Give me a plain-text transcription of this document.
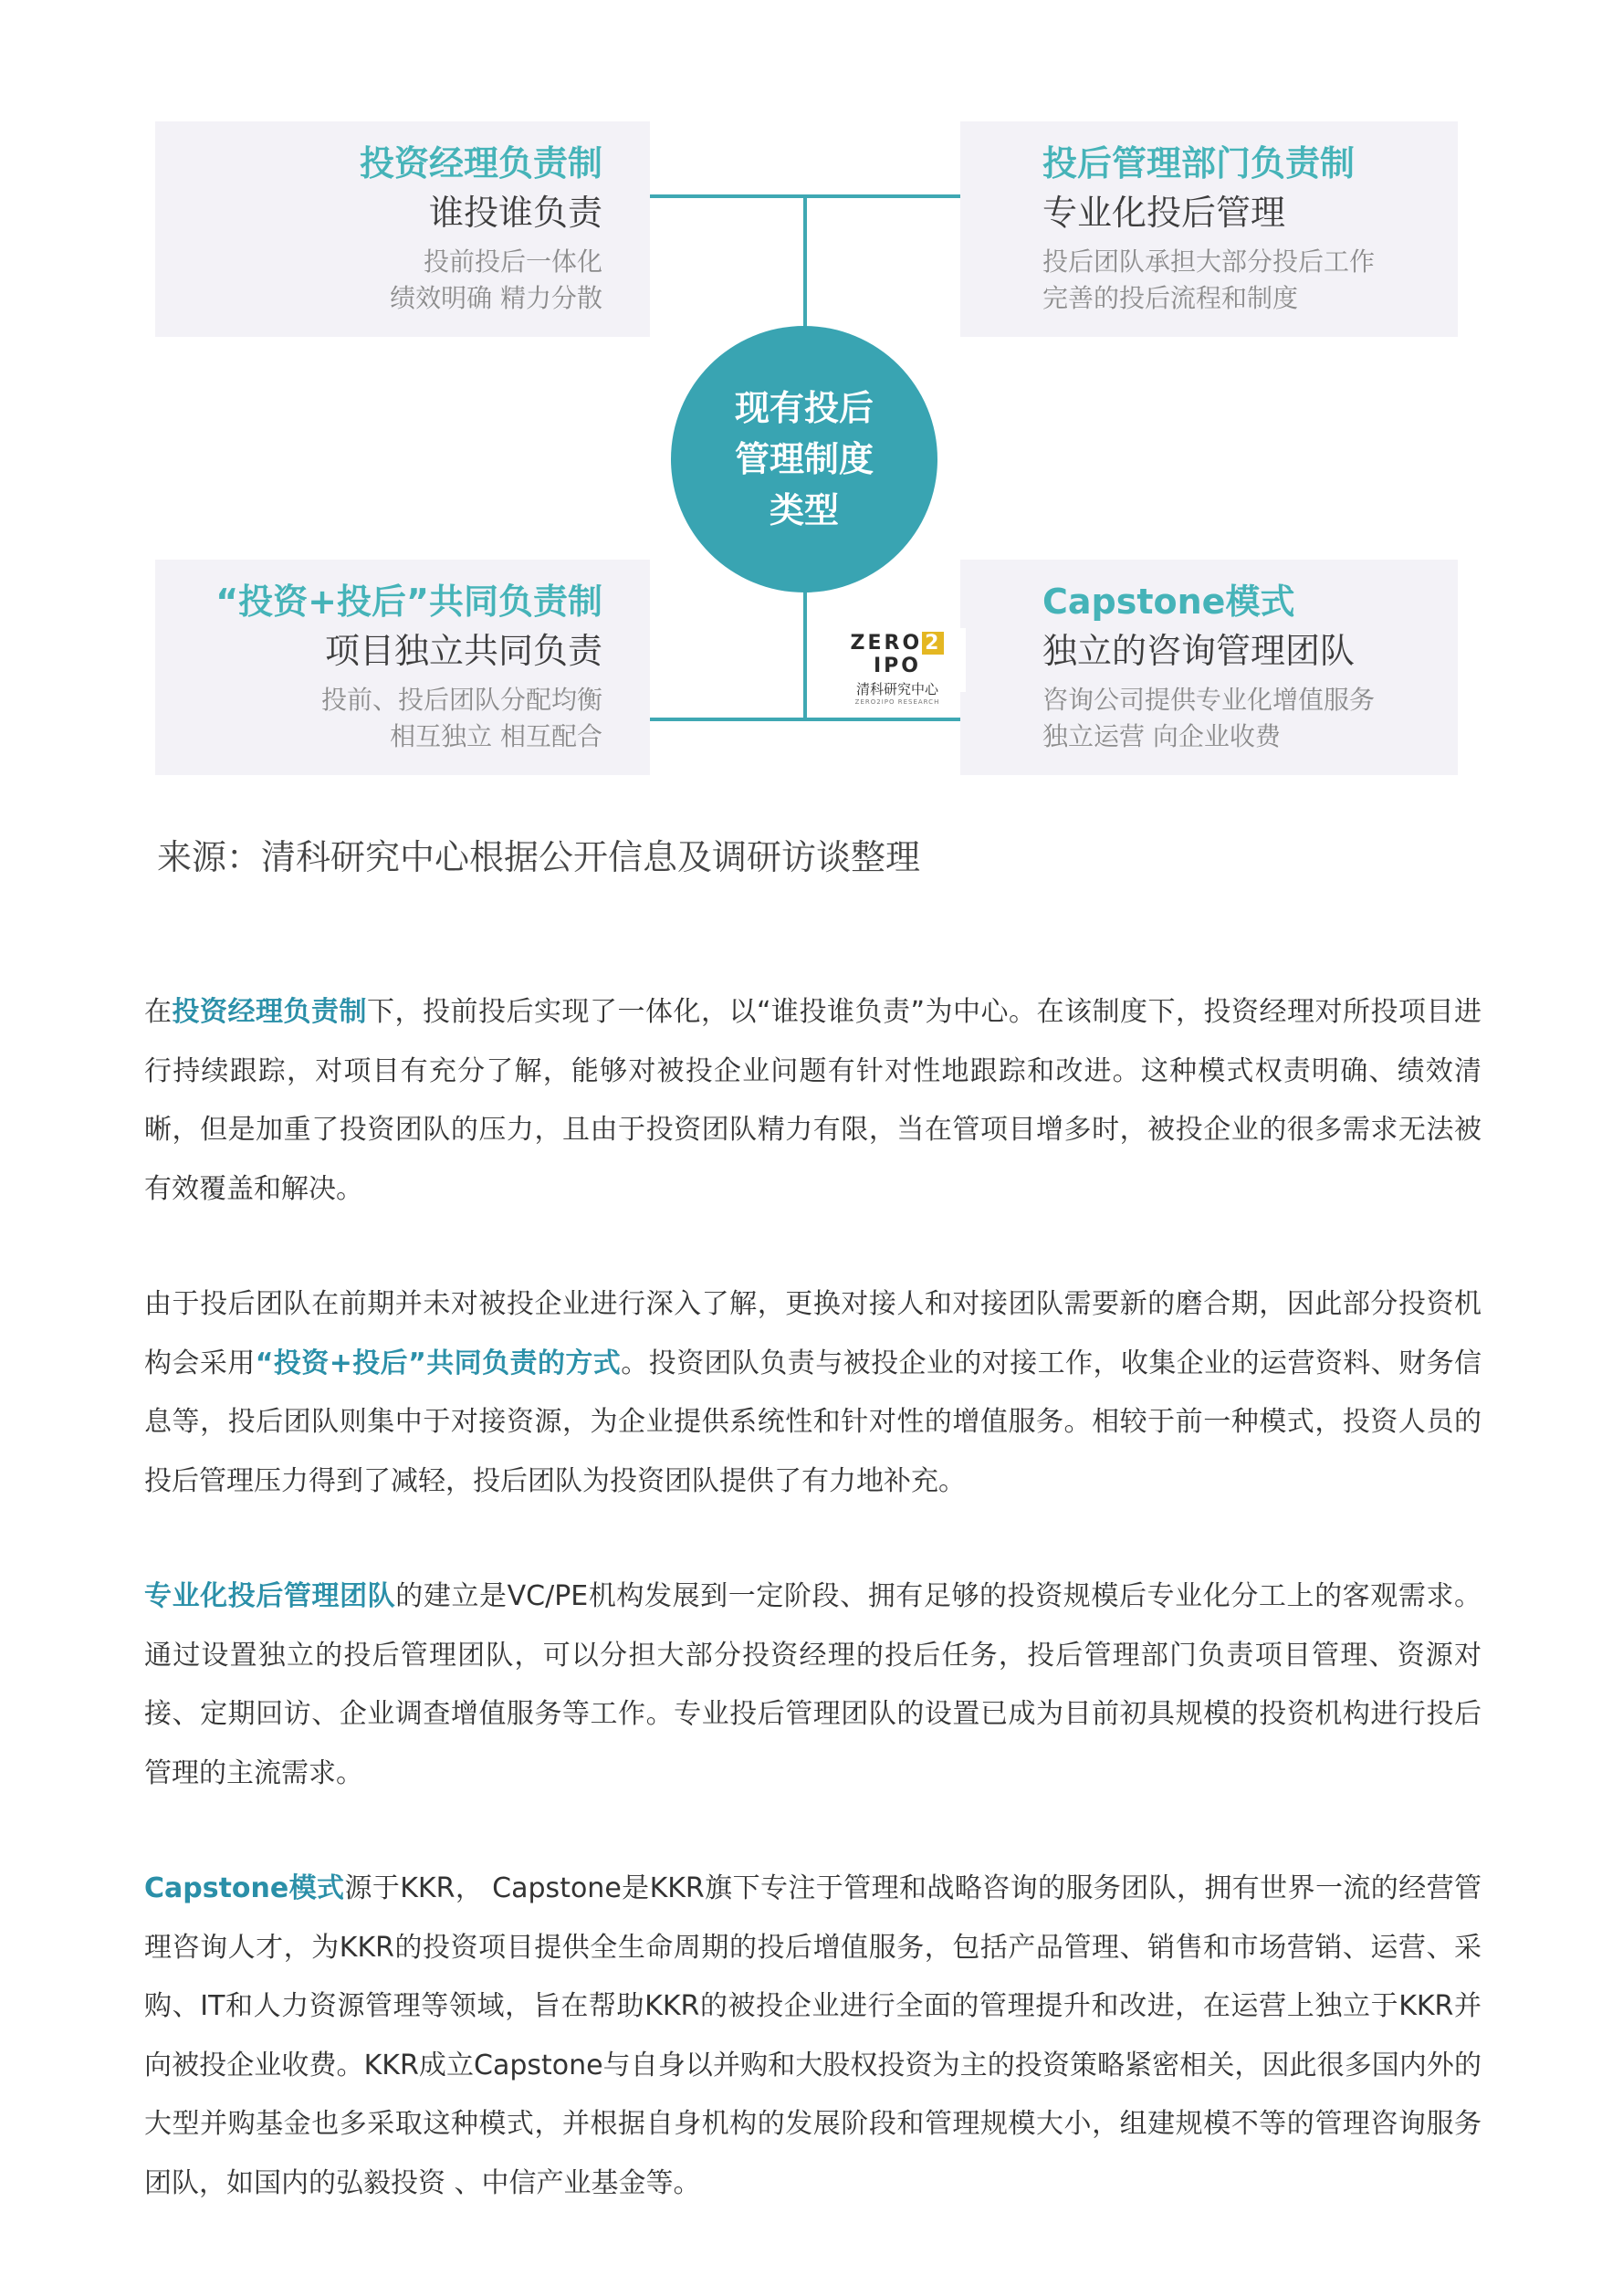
投资经理负责制
谁投谁负责
投前投后一体化
绩效明确 精力分散
投后管理部门负责制
专业化投后管理
投后团队承担大部分投后工作
完善的投后流程和制度
“投资+投后”共同负责制
项目独立共同负责
投前、投后团队分配均衡
相互独立 相互配合
Capstone模式
独立的咨询管理团队
咨询公司提供专业化增值服务
独立运营 向企业收费
现有投后
管理制度
类型
ZERO 2IPO
清科研究中心
ZERO2IPO RESEARCH
来源：清科研究中心根据公开信息及调研访谈整理

在投资经理负责制下，投前投后实现了一体化，以“谁投谁负责”为中心。在该制度下，投资经理对所投项目进行持续跟踪，对项目有充分了解，能够对被投企业问题有针对性地跟踪和改进。这种模式权责明确、绩效清晰，但是加重了投资团队的压力，且由于投资团队精力有限，当在管项目增多时，被投企业的很多需求无法被有效覆盖和解决。

由于投后团队在前期并未对被投企业进行深入了解，更换对接人和对接团队需要新的磨合期，因此部分投资机构会采用“投资+投后”共同负责的方式。投资团队负责与被投企业的对接工作，收集企业的运营资料、财务信息等，投后团队则集中于对接资源，为企业提供系统性和针对性的增值服务。相较于前一种模式，投资人员的投后管理压力得到了减轻，投后团队为投资团队提供了有力地补充。

专业化投后管理团队的建立是VC/PE机构发展到一定阶段、拥有足够的投资规模后专业化分工上的客观需求。通过设置独立的投后管理团队，可以分担大部分投资经理的投后任务，投后管理部门负责项目管理、资源对接、定期回访、企业调查增值服务等工作。专业投后管理团队的设置已成为目前初具规模的投资机构进行投后管理的主流需求。

Capstone模式源于KKR， Capstone是KKR旗下专注于管理和战略咨询的服务团队，拥有世界一流的经营管理咨询人才，为KKR的投资项目提供全生命周期的投后增值服务，包括产品管理、销售和市场营销、运营、采购、IT和人力资源管理等领域，旨在帮助KKR的被投企业进行全面的管理提升和改进，在运营上独立于KKR并向被投企业收费。KKR成立Capstone与自身以并购和大股权投资为主的投资策略紧密相关，因此很多国内外的大型并购基金也多采取这种模式，并根据自身机构的发展阶段和管理规模大小，组建规模不等的管理咨询服务团队，如国内的弘毅投资 、中信产业基金等。
